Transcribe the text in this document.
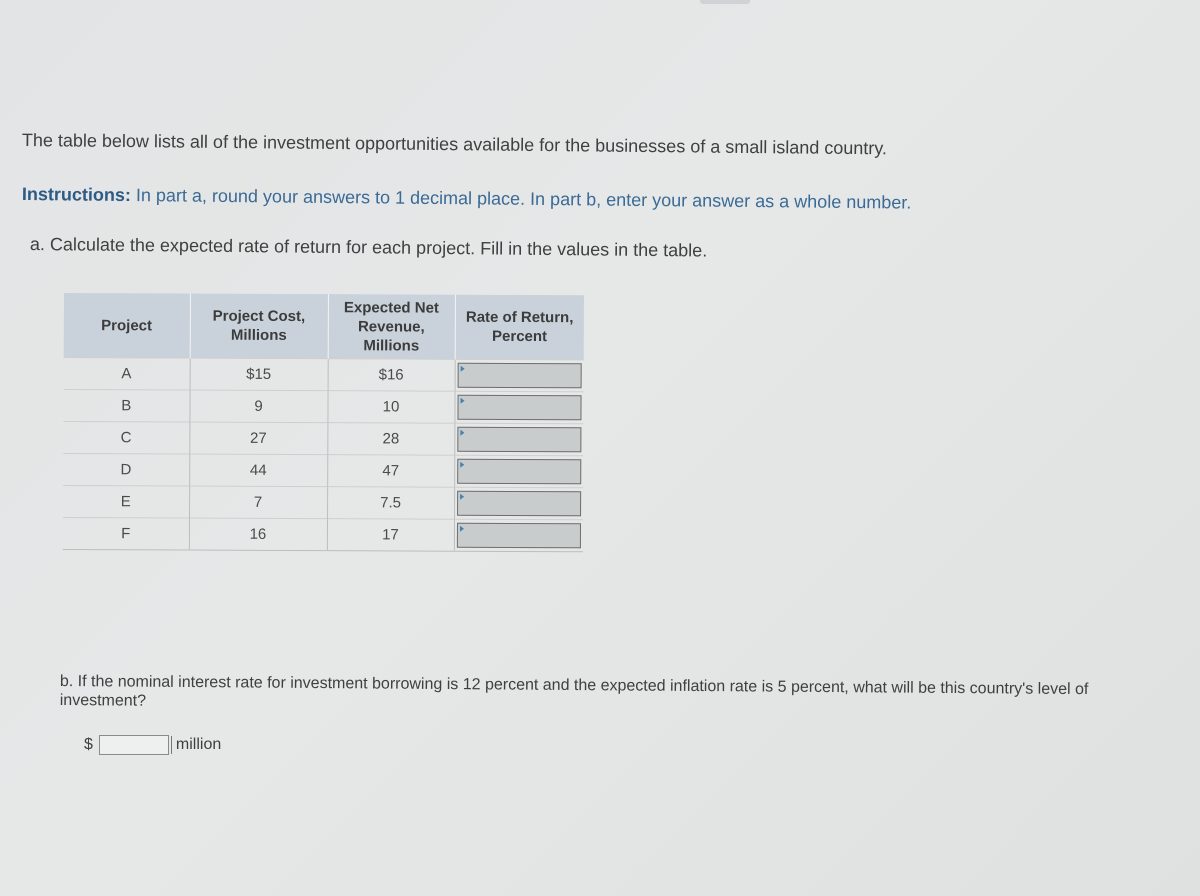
The table below lists all of the investment opportunities available for the businesses of a small island country.
Instructions: In part a, round your answers to 1 decimal place. In part b, enter your answer as a whole number.
a. Calculate the expected rate of return for each project. Fill in the values in the table.
Project	Project Cost, Millions	Expected Net Revenue, Millions	Rate of Return, Percent
A	$15	$16	

B	9	10	

C	27	28	

D	44	47	

E	7	7.5	

F	16	17	
b. If the nominal interest rate for investment borrowing is 12 percent and the expected inflation rate is 5 percent, what will be this country's level of investment?
$	million
